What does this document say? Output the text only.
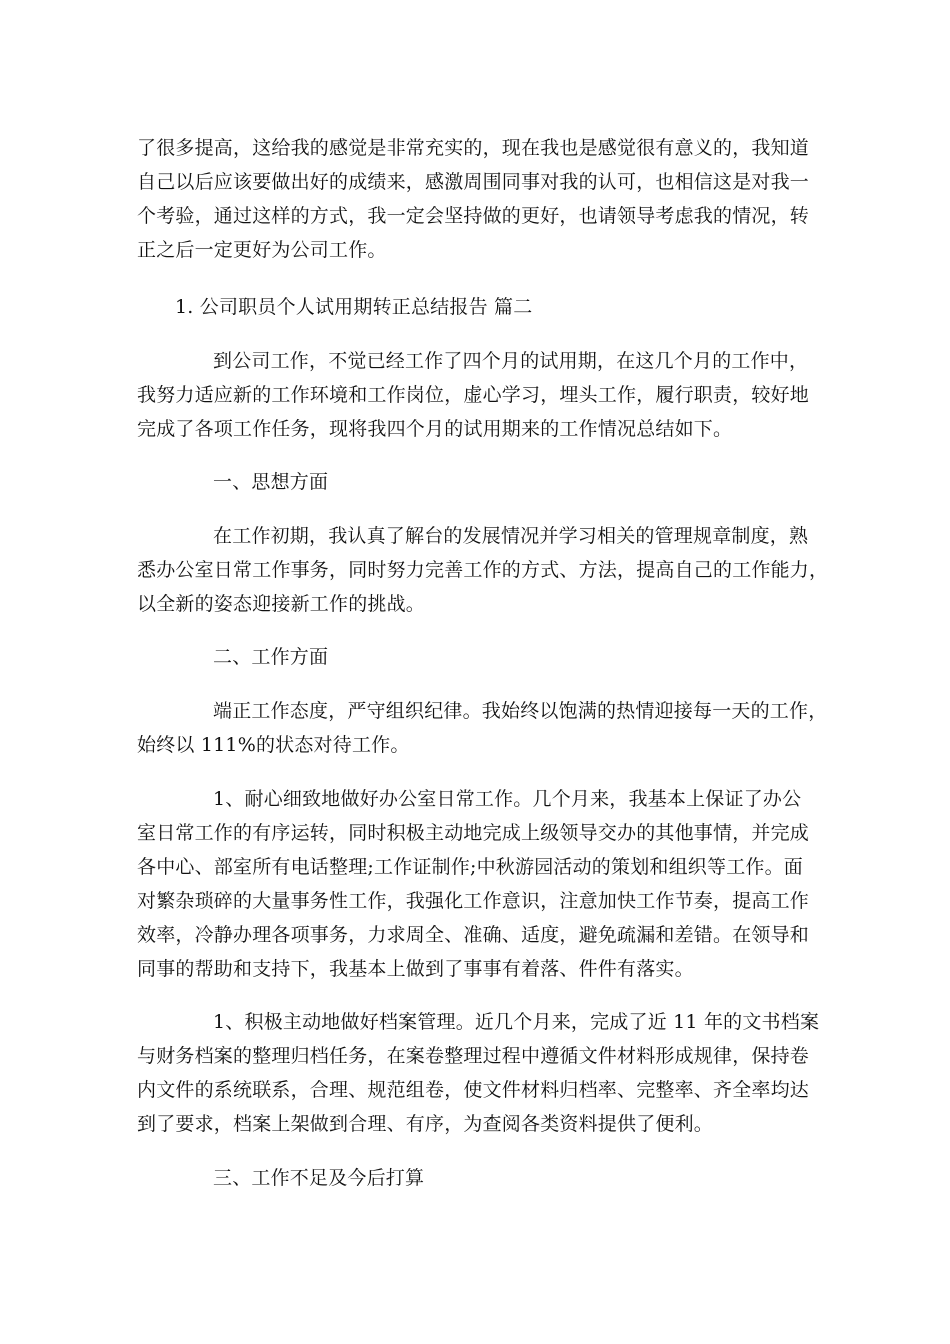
了很多提高，这给我的感觉是非常充实的，现在我也是感觉很有意义的，我知道
自己以后应该要做出好的成绩来，感激周围同事对我的认可，也相信这是对我一
个考验，通过这样的方式，我一定会坚持做的更好，也请领导考虑我的情况，转
正之后一定更好为公司工作。
1. 公司职员个人试用期转正总结报告 篇二
到公司工作，不觉已经工作了四个月的试用期，在这几个月的工作中，
我努力适应新的工作环境和工作岗位，虚心学习，埋头工作，履行职责，较好地
完成了各项工作任务，现将我四个月的试用期来的工作情况总结如下。
一、思想方面
在工作初期，我认真了解台的发展情况并学习相关的管理规章制度，熟
悉办公室日常工作事务，同时努力完善工作的方式、方法，提高自己的工作能力，
以全新的姿态迎接新工作的挑战。
二、工作方面
端正工作态度，严守组织纪律。我始终以饱满的热情迎接每一天的工作，
始终以 111%的状态对待工作。
1、耐心细致地做好办公室日常工作。几个月来，我基本上保证了办公
室日常工作的有序运转，同时积极主动地完成上级领导交办的其他事情，并完成
各中心、部室所有电话整理;工作证制作;中秋游园活动的策划和组织等工作。面
对繁杂琐碎的大量事务性工作，我强化工作意识，注意加快工作节奏，提高工作
效率，冷静办理各项事务，力求周全、准确、适度，避免疏漏和差错。在领导和
同事的帮助和支持下，我基本上做到了事事有着落、件件有落实。
1、积极主动地做好档案管理。近几个月来，完成了近 11 年的文书档案
与财务档案的整理归档任务，在案卷整理过程中遵循文件材料形成规律，保持卷
内文件的系统联系，合理、规范组卷，使文件材料归档率、完整率、齐全率均达
到了要求，档案上架做到合理、有序，为查阅各类资料提供了便利。
三、工作不足及今后打算
